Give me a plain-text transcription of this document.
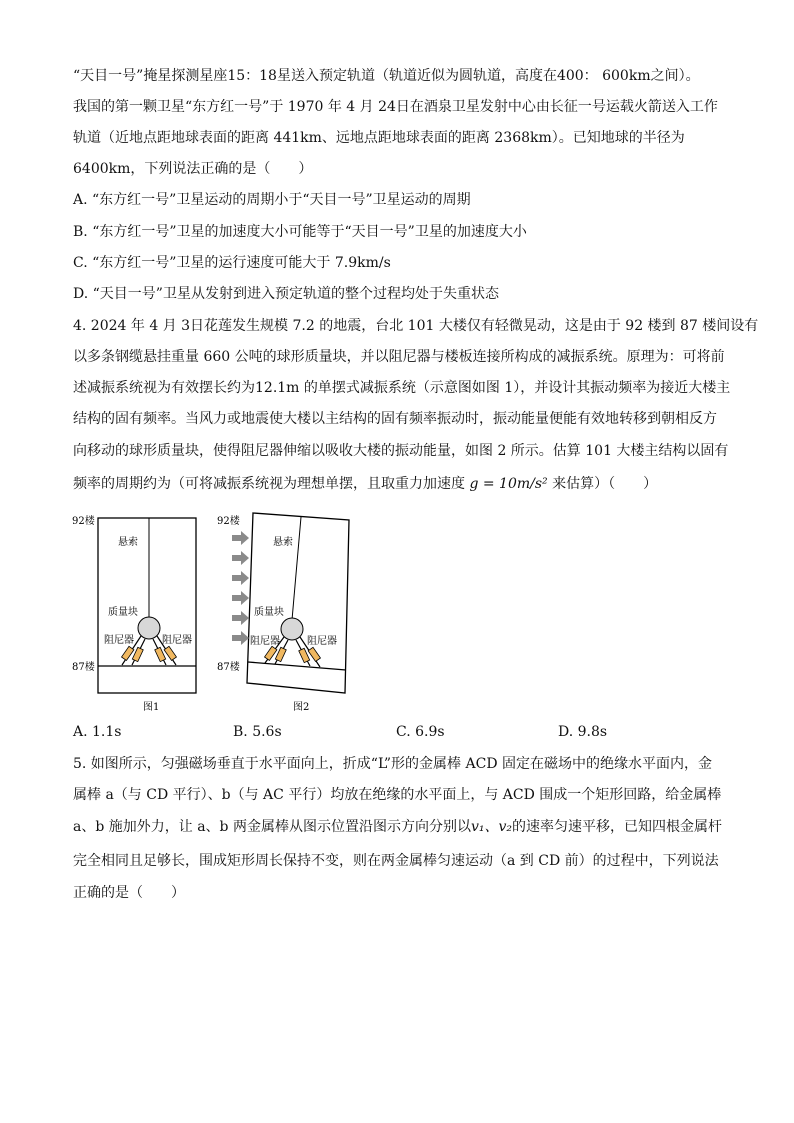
“天目一号”掩星探测星座15：18星送入预定轨道（轨道近似为圆轨道，高度在400： 600km之间）。
我国的第一颗卫星“东方红一号”于 1970 年 4 月 24日在酒泉卫星发射中心由长征一号运载火箭送入工作
轨道（近地点距地球表面的距离 441km、远地点距地球表面的距离 2368km）。已知地球的半径为
6400km，下列说法正确的是（　　）
A. “东方红一号”卫星运动的周期小于“天目一号”卫星运动的周期
B. “东方红一号”卫星的加速度大小可能等于“天目一号”卫星的加速度大小
C. “东方红一号”卫星的运行速度可能大于 7.9km/s
D. “天目一号”卫星从发射到进入预定轨道的整个过程均处于失重状态
4. 2024 年 4 月 3日花莲发生规模 7.2 的地震，台北 101 大楼仅有轻微晃动，这是由于 92 楼到 87 楼间设有
以多条钢缆悬挂重量 660 公吨的球形质量块，并以阻尼器与楼板连接所构成的减振系统。原理为：可将前
述减振系统视为有效摆长约为12.1m 的单摆式减振系统（示意图如图 1），并设计其振动频率为接近大楼主
结构的固有频率。当风力或地震使大楼以主结构的固有频率振动时，振动能量便能有效地转移到朝相反方
向移动的球形质量块，使得阻尼器伸缩以吸收大楼的振动能量，如图 2 所示。估算 101 大楼主结构以固有
频率的周期约为（可将减振系统视为理想单摆，且取重力加速度 g = 10m/s² 来估算）（　　）
92楼
87楼
悬索
质量块
阻尼器	阻尼器
图1
92楼
87楼
悬索
质量块
阻尼器	阻尼器
图2
A. 1.1s	B. 5.6s	C. 6.9s	D. 9.8s
5. 如图所示，匀强磁场垂直于水平面向上，折成“L”形的金属棒 ACD 固定在磁场中的绝缘水平面内，金
属棒 a（与 CD 平行）、b（与 AC 平行）均放在绝缘的水平面上，与 ACD 围成一个矩形回路，给金属棒
a、b 施加外力，让 a、b 两金属棒从图示位置沿图示方向分别以v₁、v₂的速率匀速平移，已知四根金属杆
完全相同且足够长，围成矩形周长保持不变，则在两金属棒匀速运动（a 到 CD 前）的过程中，下列说法
正确的是（　　）
